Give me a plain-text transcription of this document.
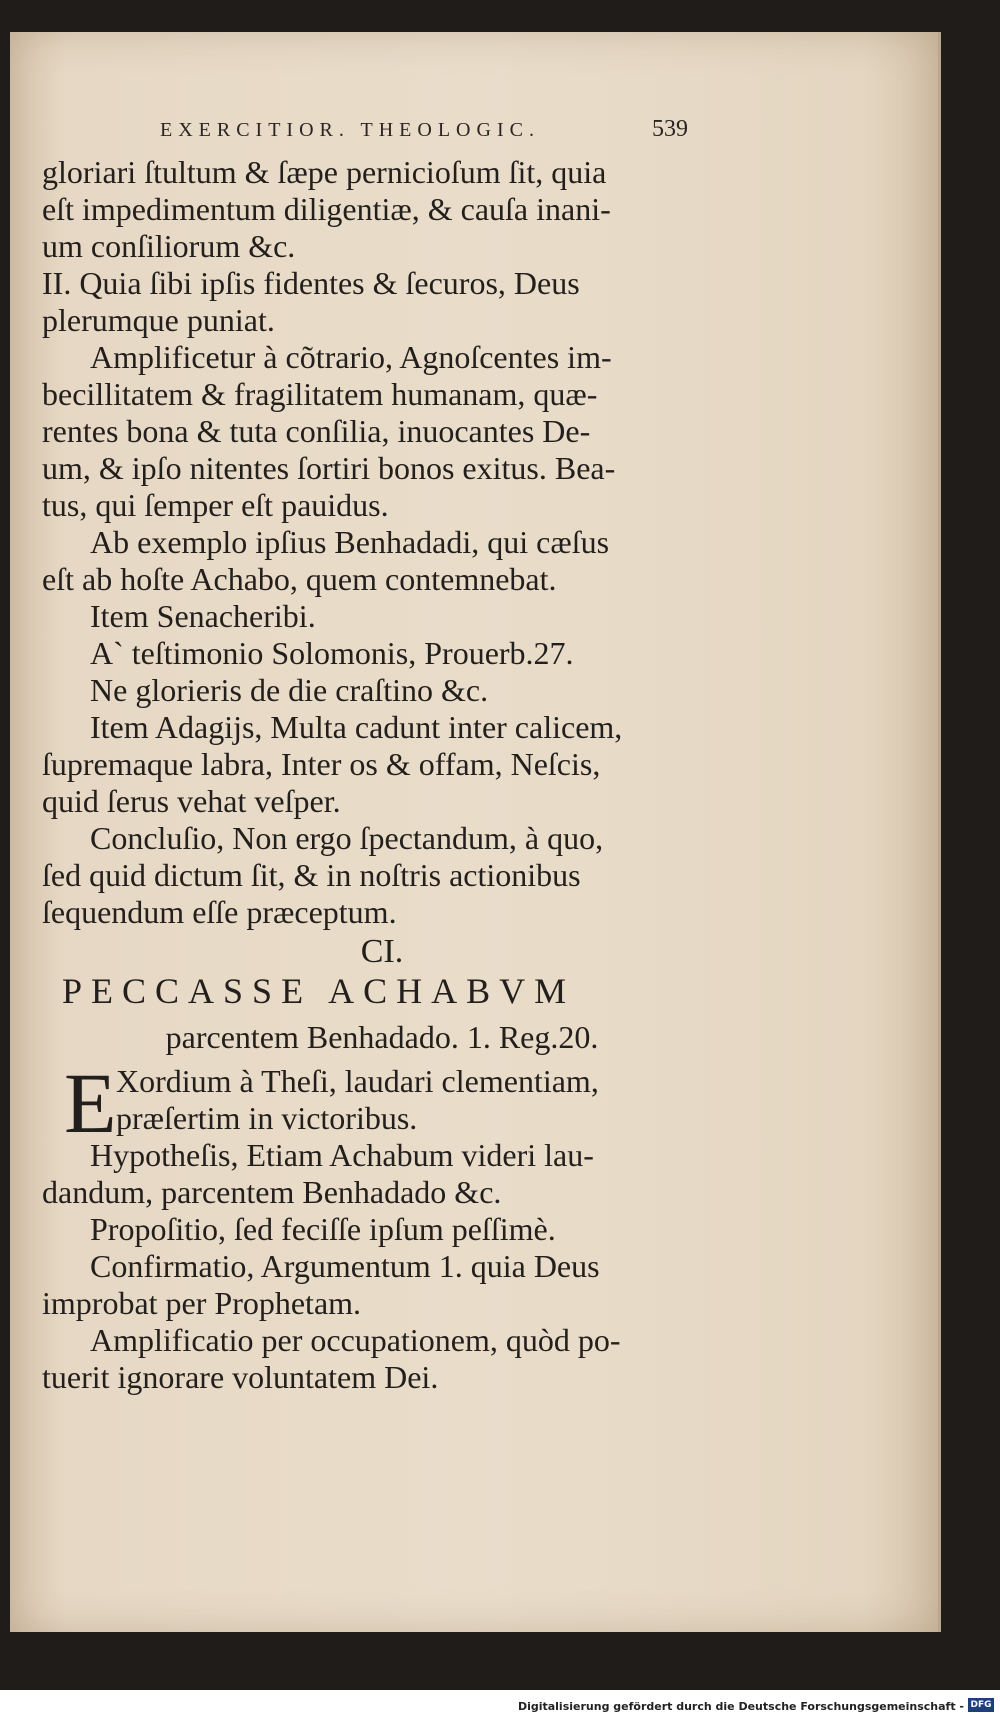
EXERCITIOR. THEOLOGIC.	539
gloriari ſtultum & ſæpe pernicioſum ſit, quia
eſt impedimentum diligentiæ, & cauſa inani-
um conſiliorum &c.
II. Quia ſibi ipſis fidentes & ſecuros, Deus
plerumque puniat.
Amplificetur à cõtrario, Agnoſcentes im-
becillitatem & fragilitatem humanam, quæ-
rentes bona & tuta conſilia, inuocantes De-
um, & ipſo nitentes ſortiri bonos exitus. Bea-
tus, qui ſemper eſt pauidus.
Ab exemplo ipſius Benhadadi, qui cæſus
eſt ab hoſte Achabo, quem contemnebat.
Item Senacheribi.
A` teſtimonio Solomonis, Prouerb.27.
Ne glorieris de die craſtino &c.
Item Adagijs, Multa cadunt inter calicem,
ſupremaque labra, Inter os & offam, Neſcis,
quid ſerus vehat veſper.
Concluſio, Non ergo ſpectandum, à quo,
ſed quid dictum ſit, & in noſtris actionibus
ſequendum eſſe præceptum.
CI.
PECCASSE ACHABVM
parcentem Benhadado. 1. Reg.20.
E Xordium à Theſi, laudari clementiam,
præſertim in victoribus.
Hypotheſis, Etiam Achabum videri lau-
dandum, parcentem Benhadado &c.
Propoſitio, ſed feciſſe ipſum peſſimè.
Confirmatio, Argumentum 1. quia Deus
improbat per Prophetam.
Amplificatio per occupationem, quòd po-
tuerit ignorare voluntatem Dei.
Digitalisierung gefördert durch die Deutsche Forschungsgemeinschaft - DFG
